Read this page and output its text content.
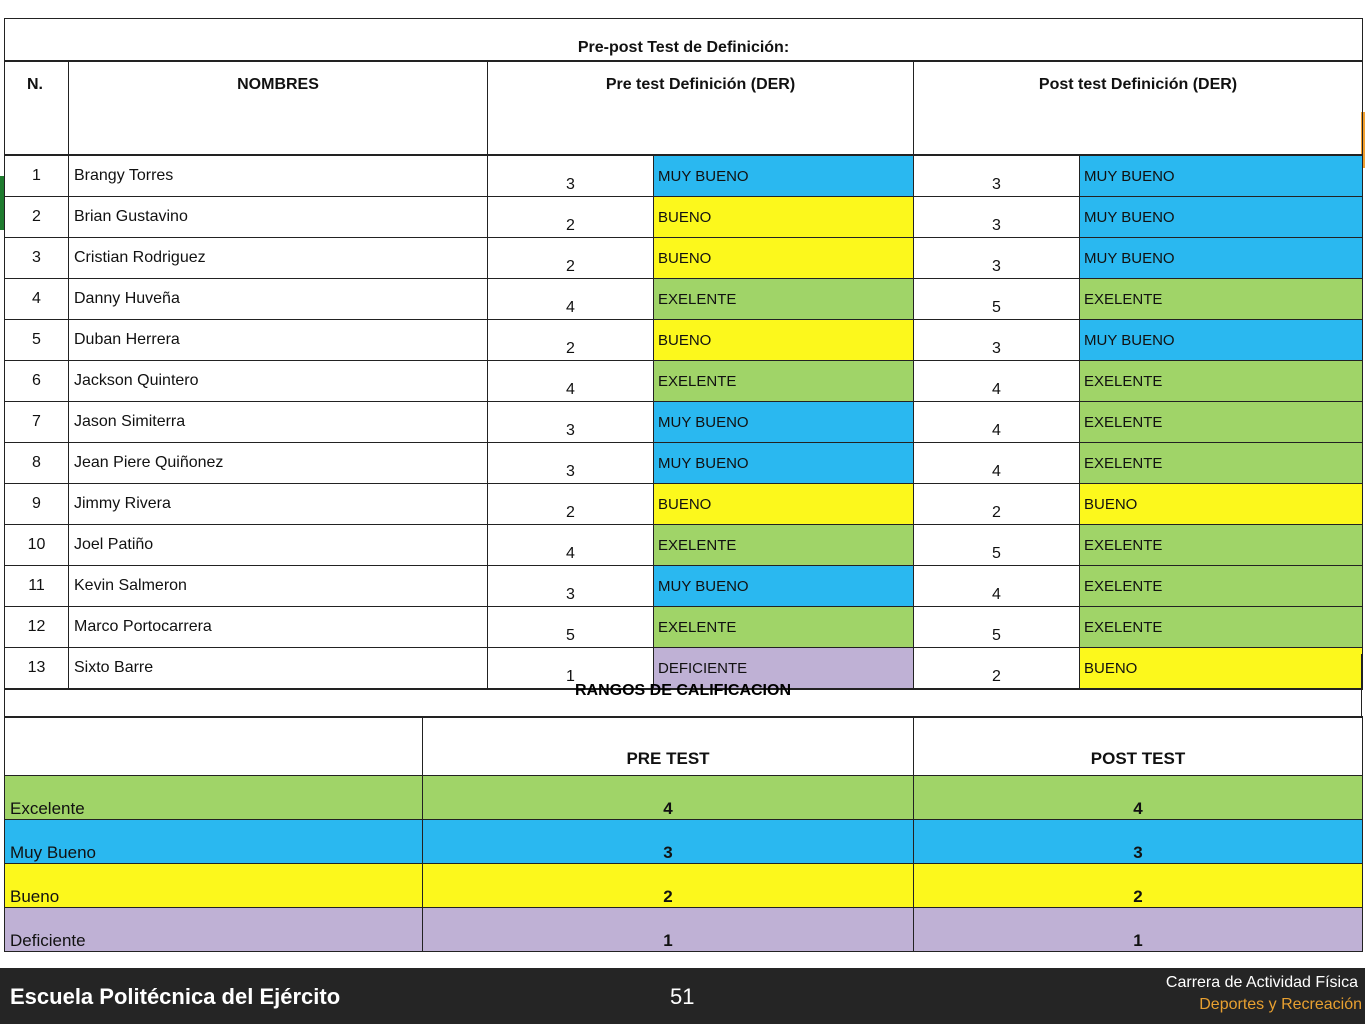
Pre-post Test de Definición:					
N.	NOMBRES	Pre test Definición (DER)		Post test Definición (DER)	
1	Brangy Torres	3	MUY BUENO	3	MUY BUENO
2	Brian Gustavino	2	BUENO	3	MUY BUENO
3	Cristian Rodriguez	2	BUENO	3	MUY BUENO
4	Danny Huveña	4	EXELENTE	5	EXELENTE
5	Duban Herrera	2	BUENO	3	MUY BUENO
6	Jackson Quintero	4	EXELENTE	4	EXELENTE
7	Jason Simiterra	3	MUY BUENO	4	EXELENTE
8	Jean Piere Quiñonez	3	MUY BUENO	4	EXELENTE
9	Jimmy Rivera	2	BUENO	2	BUENO
10	Joel Patiño	4	EXELENTE	5	EXELENTE
11	Kevin Salmeron	3	MUY BUENO	4	EXELENTE
12	Marco Portocarrera	5	EXELENTE	5	EXELENTE
13	Sixto Barre	1	DEFICIENTE	2	BUENO
RANGOS DE CALIFICACION
	PRE TEST	POST TEST
Excelente	4	4
Muy Bueno	3	3
Bueno	2	2
Deficiente	1	1
Escuela Politécnica del Ejército	51
Carrera de Actividad Física
Deportes y Recreación
